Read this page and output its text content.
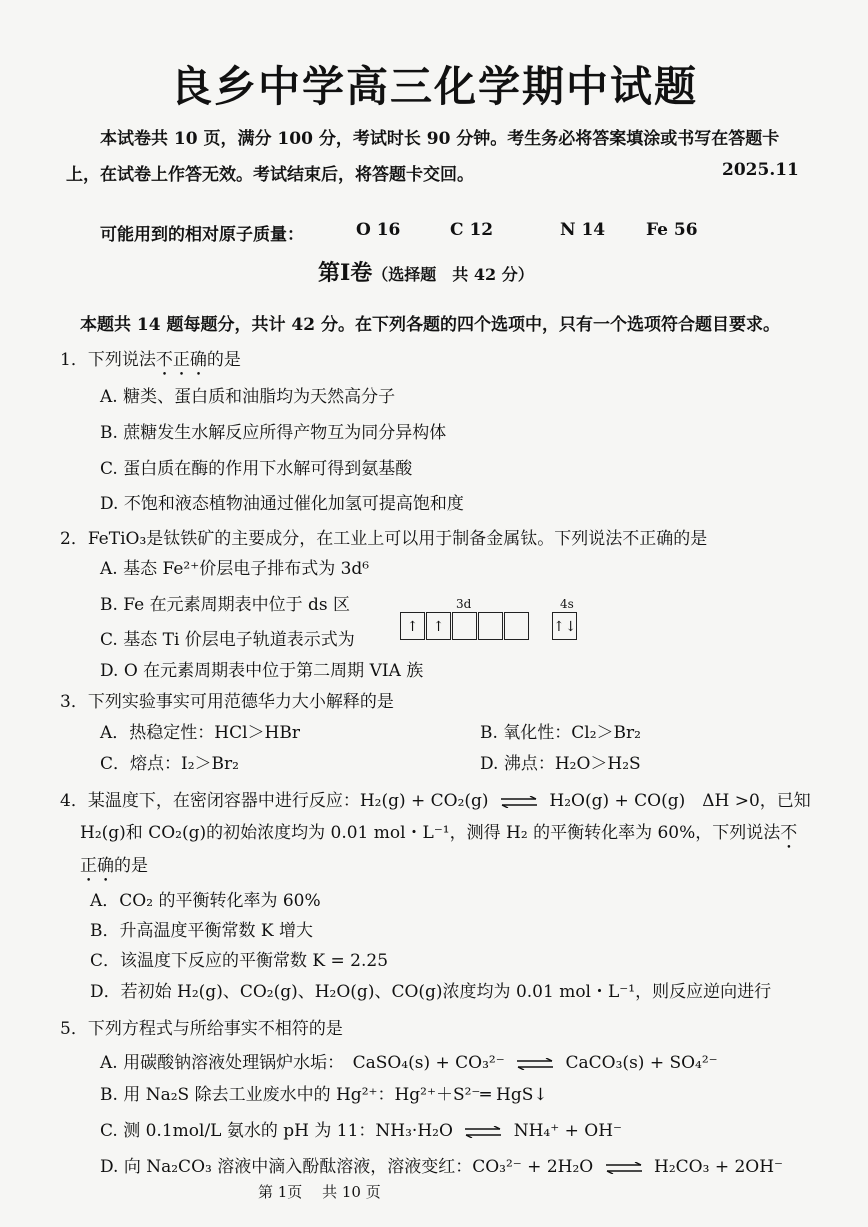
良乡中学高三化学期中试题
本试卷共 10 页，满分 100 分，考试时长 90 分钟。考生务必将答案填涂或书写在答题卡
上，在试卷上作答无效。考试结束后，将答题卡交回。	2025.11
可能用到的相对原子质量：	O 16	C 12	N 14 Fe 56
第Ⅰ卷（选择题　共 42 分）
本题共 14 题每题分，共计 42 分。在下列各题的四个选项中，只有一个选项符合题目要求。
1．下列说法不正确的是
A. 糖类、蛋白质和油脂均为天然高分子
B. 蔗糖发生水解反应所得产物互为同分异构体
C. 蛋白质在酶的作用下水解可得到氨基酸
D. 不饱和液态植物油通过催化加氢可提高饱和度
2．FeTiO₃是钛铁矿的主要成分，在工业上可以用于制备金属钛。下列说法不正确的是
A. 基态 Fe²⁺价层电子排布式为 3d⁶
B. Fe 在元素周期表中位于 ds 区
C. 基态 Ti 价层电子轨道表示式为
D. O 在元素周期表中位于第二周期 VIA 族
3d	4s
↑	↑	↑↓
3．下列实验事实可用范德华力大小解释的是
A．热稳定性：HCl＞HBr	B. 氧化性：Cl₂＞Br₂
C．熔点：I₂＞Br₂	D. 沸点：H₂O＞H₂S
4．某温度下，在密闭容器中进行反应：H₂(g) + CO₂(g) ⇌ H₂O(g) + CO(g)　ΔH >0，已知
H₂(g)和 CO₂(g)的初始浓度均为 0.01 mol・L⁻¹，测得 H₂ 的平衡转化率为 60%，下列说法不
正确的是
A．CO₂ 的平衡转化率为 60%
B．升高温度平衡常数 K 增大
C．该温度下反应的平衡常数 K = 2.25
D．若初始 H₂(g)、CO₂(g)、H₂O(g)、CO(g)浓度均为 0.01 mol・L⁻¹，则反应逆向进行
5．下列方程式与所给事实不相符的是
A. 用碳酸钠溶液处理锅炉水垢：　CaSO₄(s) + CO₃²⁻ ⇌ CaCO₃(s) + SO₄²⁻
B. 用 Na₂S 除去工业废水中的 Hg²⁺：Hg²⁺＋S²⁻═ HgS↓
C. 测 0.1mol/L 氨水的 pH 为 11：NH₃·H₂O ⇌ NH₄⁺ + OH⁻
D. 向 Na₂CO₃ 溶液中滴入酚酞溶液，溶液变红：CO₃²⁻ + 2H₂O ⇌ H₂CO₃ + 2OH⁻
第 1页　 共 10 页
